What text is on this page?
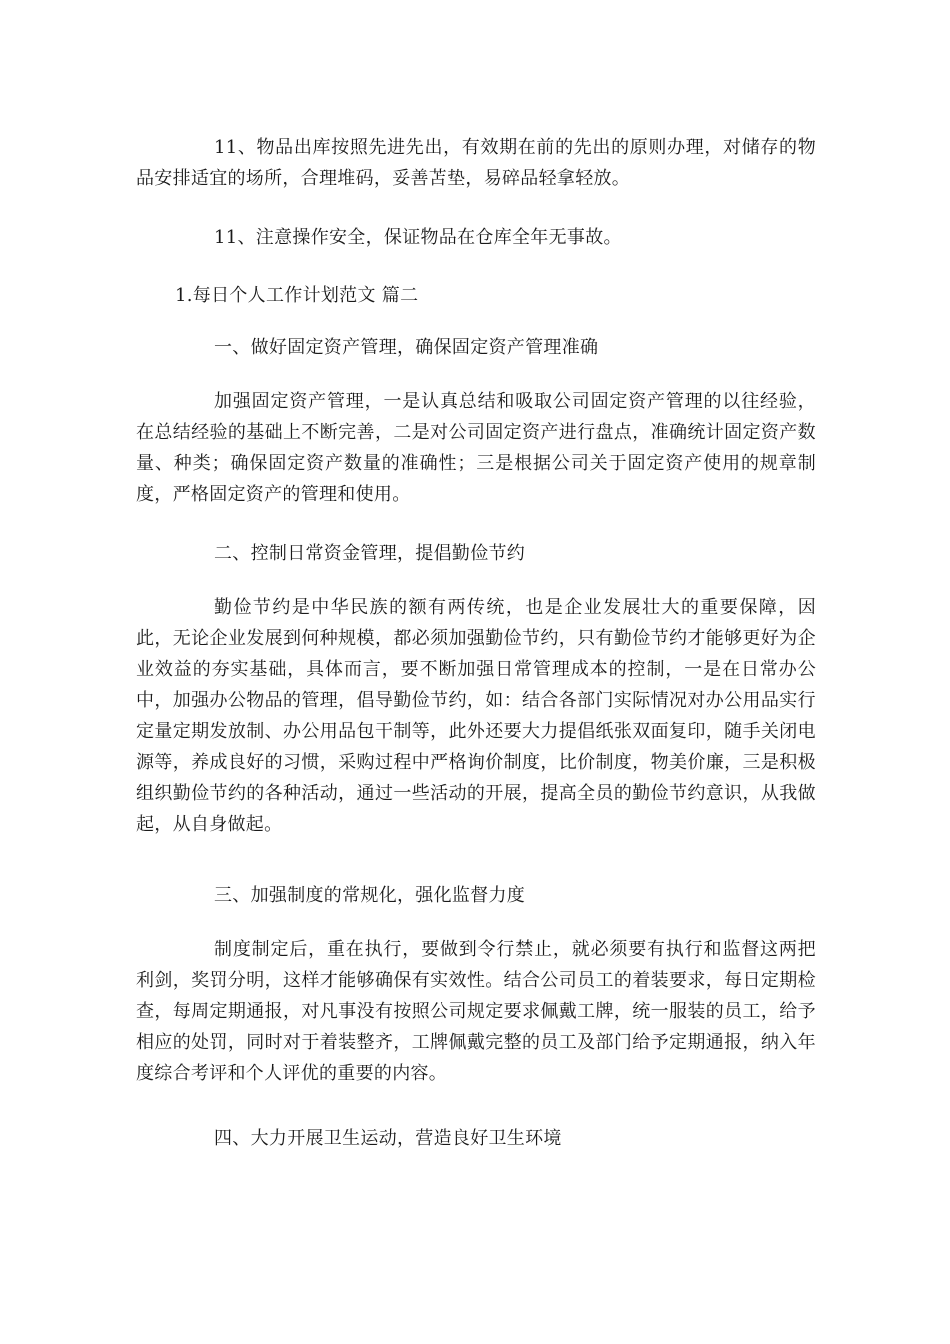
11、物品出库按照先进先出，有效期在前的先出的原则办理，对储存的物品安排适宜的场所，合理堆码，妥善苫垫，易碎品轻拿轻放。

11、注意操作安全，保证物品在仓库全年无事故。

1.每日个人工作计划范文 篇二

一、做好固定资产管理，确保固定资产管理准确

加强固定资产管理，一是认真总结和吸取公司固定资产管理的以往经验，在总结经验的基础上不断完善，二是对公司固定资产进行盘点，准确统计固定资产数量、种类；确保固定资产数量的准确性；三是根据公司关于固定资产使用的规章制度，严格固定资产的管理和使用。

二、控制日常资金管理，提倡勤俭节约

勤俭节约是中华民族的额有两传统，也是企业发展壮大的重要保障，因此，无论企业发展到何种规模，都必须加强勤俭节约，只有勤俭节约才能够更好为企业效益的夯实基础，具体而言，要不断加强日常管理成本的控制，一是在日常办公中，加强办公物品的管理，倡导勤俭节约，如：结合各部门实际情况对办公用品实行定量定期发放制、办公用品包干制等，此外还要大力提倡纸张双面复印，随手关闭电源等，养成良好的习惯，采购过程中严格询价制度，比价制度，物美价廉，三是积极组织勤俭节约的各种活动，通过一些活动的开展，提高全员的勤俭节约意识，从我做起，从自身做起。

三、加强制度的常规化，强化监督力度

制度制定后，重在执行，要做到令行禁止，就必须要有执行和监督这两把利剑，奖罚分明，这样才能够确保有实效性。结合公司员工的着装要求，每日定期检查，每周定期通报，对凡事没有按照公司规定要求佩戴工牌，统一服装的员工，给予相应的处罚，同时对于着装整齐，工牌佩戴完整的员工及部门给予定期通报，纳入年度综合考评和个人评优的重要的内容。

四、大力开展卫生运动，营造良好卫生环境
